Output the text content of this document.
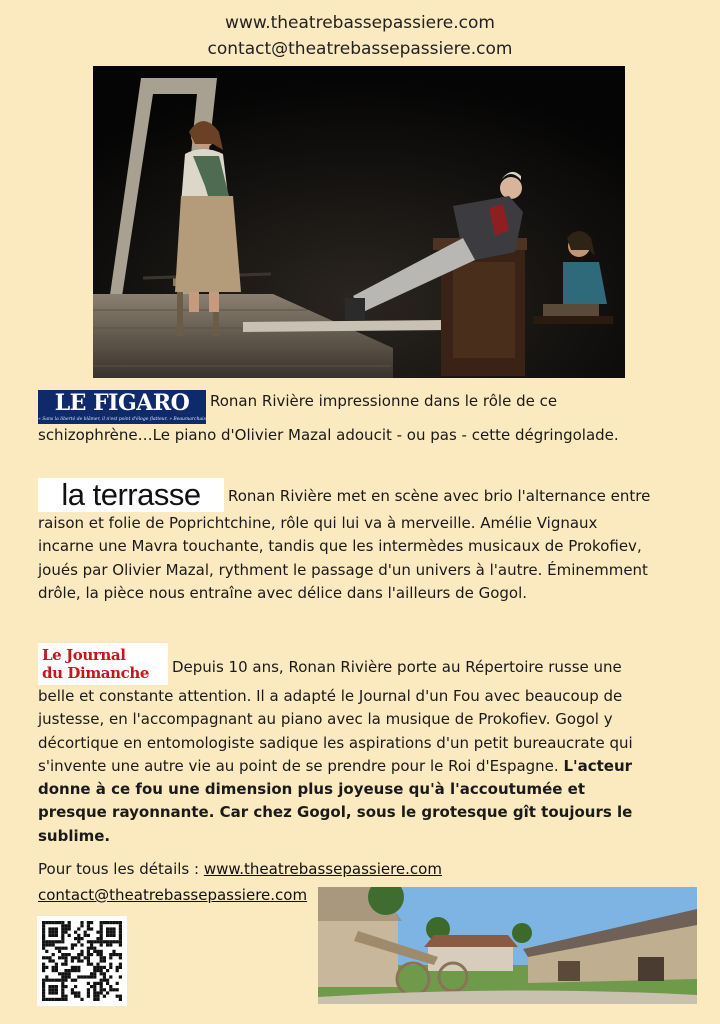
www.theatrebassepassiere.com
contact@theatrebassepassiere.com
LE FIGARO
« Sans la liberté de blâmer, il n'est point d'éloge flatteur. » Beaumarchais
Ronan Rivière impressionne dans le rôle de ce schizophrène…Le piano d'Olivier Mazal adoucit - ou pas - cette dégringolade.
la terrasse Ronan Rivière met en scène avec brio l'alternance entre raison et folie de Poprichtchine, rôle qui lui va à merveille. Amélie Vignaux incarne une Mavra touchante, tandis que les intermèdes musicaux de Prokofiev, joués par Olivier Mazal, rythment le passage d'un univers à l'autre. Éminemment drôle, la pièce nous entraîne avec délice dans l'ailleurs de Gogol.
Le Journal
du Dimanche	Depuis 10 ans, Ronan Rivière porte au Répertoire russe une belle et constante attention. Il a adapté le Journal d'un Fou avec beaucoup de justesse, en l'accompagnant au piano avec la musique de Prokofiev. Gogol y décortique en entomologiste sadique les aspirations d'un petit bureaucrate qui s'invente une autre vie au point de se prendre pour le Roi d'Espagne. L'acteur donne à ce fou une dimension plus joyeuse qu'à l'accoutumée et presque rayonnante. Car chez Gogol, sous le grotesque gît toujours le sublime.
Pour tous les détails : www.theatrebassepassiere.com
contact@theatrebassepassiere.com
